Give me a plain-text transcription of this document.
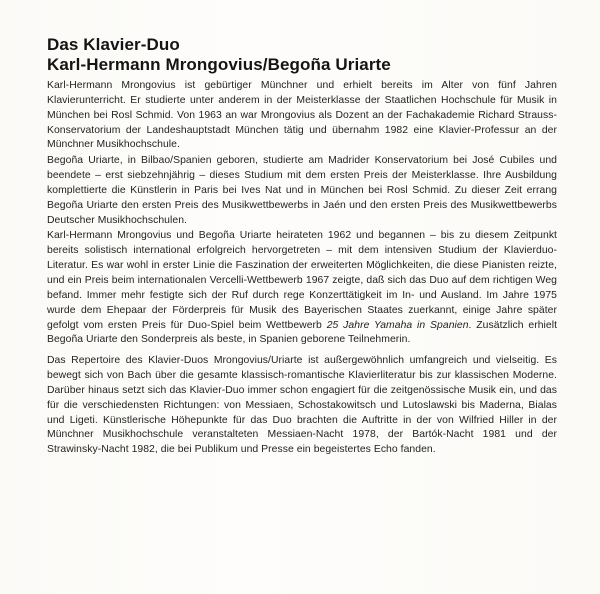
Das Klavier-Duo
Karl-Hermann Mrongovius/Begoña Uriarte

Karl-Hermann Mrongovius ist gebürtiger Münchner und erhielt bereits im Alter von fünf Jahren Klavierunterricht. Er studierte unter anderem in der Meisterklasse der Staatlichen Hochschule für Musik in München bei Rosl Schmid. Von 1963 an war Mrongovius als Dozent an der Fachakademie Richard Strauss-Konservatorium der Landeshauptstadt München tätig und übernahm 1982 eine Klavier-Professur an der Münchner Musikhochschule.

Begoña Uriarte, in Bilbao/Spanien geboren, studierte am Madrider Konservatorium bei José Cubiles und beendete – erst siebzehnjährig – dieses Studium mit dem ersten Preis der Meisterklasse. Ihre Ausbildung komplettierte die Künstlerin in Paris bei Ives Nat und in München bei Rosl Schmid. Zu dieser Zeit errang Begoña Uriarte den ersten Preis des Musikwettbewerbs in Jaén und den ersten Preis des Musikwettbewerbs Deutscher Musikhochschulen.

Karl-Hermann Mrongovius und Begoña Uriarte heirateten 1962 und begannen – bis zu diesem Zeitpunkt bereits solistisch international erfolgreich hervorgetreten – mit dem intensiven Studium der Klavierduo-Literatur. Es war wohl in erster Linie die Faszination der erweiterten Möglichkeiten, die diese Pianisten reizte, und ein Preis beim internationalen Vercelli-Wettbewerb 1967 zeigte, daß sich das Duo auf dem richtigen Weg befand. Immer mehr festigte sich der Ruf durch rege Konzerttätigkeit im In- und Ausland. Im Jahre 1975 wurde dem Ehepaar der Förderpreis für Musik des Bayerischen Staates zuerkannt, einige Jahre später gefolgt vom ersten Preis für Duo-Spiel beim Wettbewerb 25 Jahre Yamaha in Spanien. Zusätzlich erhielt Begoña Uriarte den Sonderpreis als beste, in Spanien geborene Teilnehmerin.

Das Repertoire des Klavier-Duos Mrongovius/Uriarte ist außergewöhnlich umfangreich und vielseitig. Es bewegt sich von Bach über die gesamte klassisch-romantische Klavierliteratur bis zur klassischen Moderne. Darüber hinaus setzt sich das Klavier-Duo immer schon engagiert für die zeitgenössische Musik ein, und das für die verschiedensten Richtungen: von Messiaen, Schostakowitsch und Lutoslawski bis Maderna, Bialas und Ligeti. Künstlerische Höhepunkte für das Duo brachten die Auftritte in der von Wilfried Hiller in der Münchner Musikhochschule veranstalteten Messiaen-Nacht 1978, der Bartók-Nacht 1981 und der Strawinsky-Nacht 1982, die bei Publikum und Presse ein begeistertes Echo fanden.
